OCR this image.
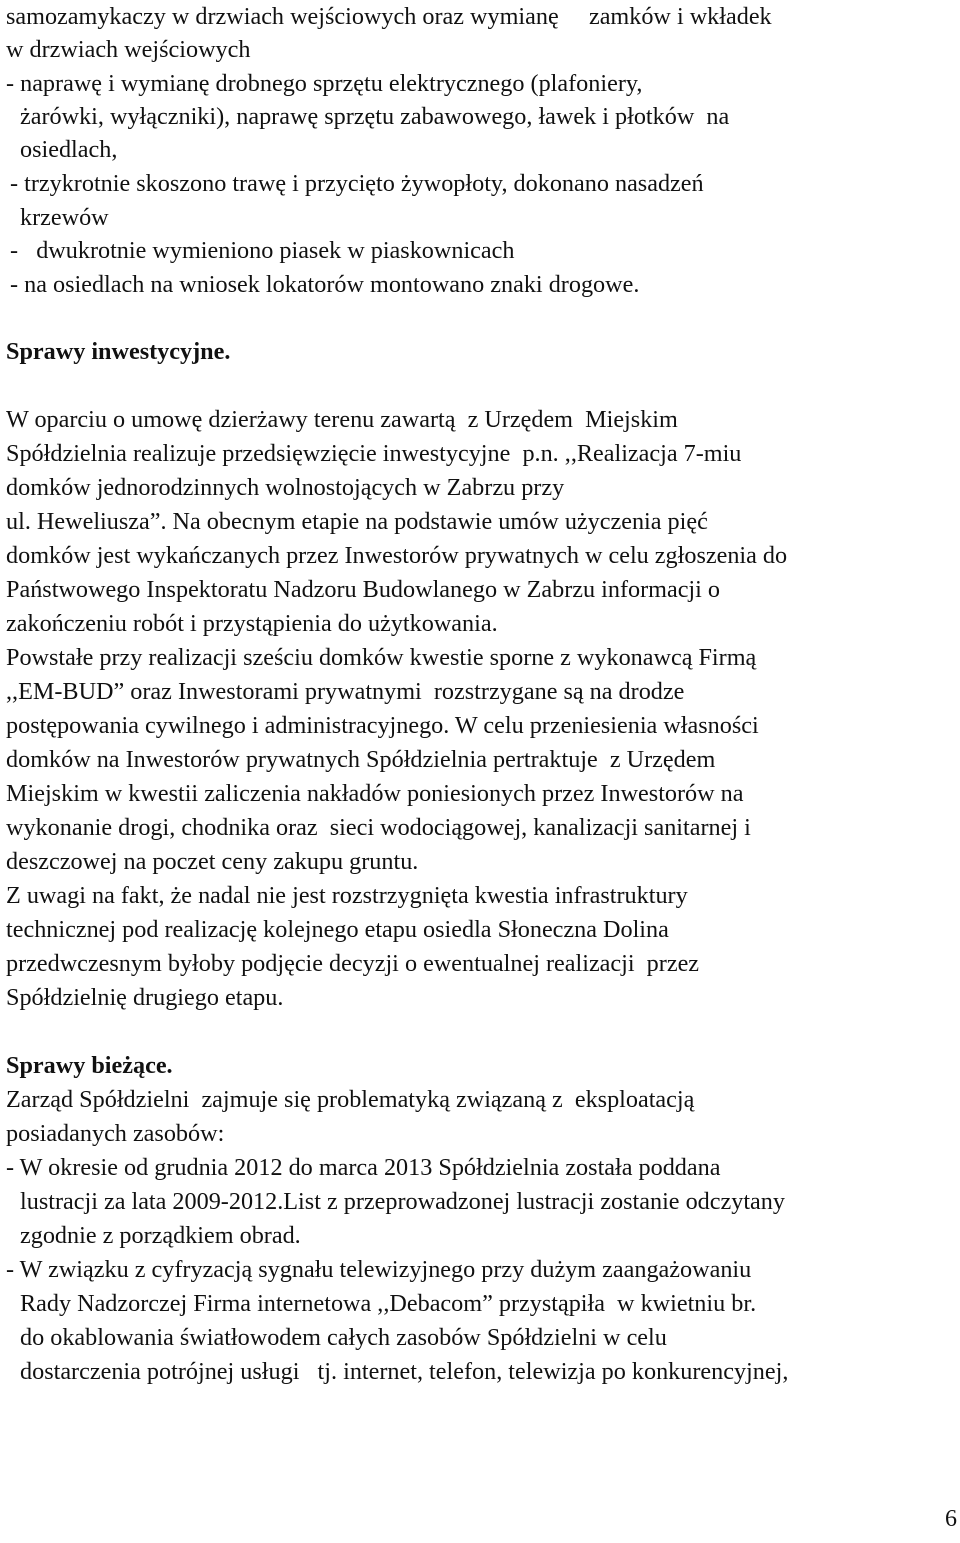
samozamykaczy w drzwiach wejściowych oraz wymianę     zamków i wkładek
w drzwiach wejściowych
- naprawę i wymianę drobnego sprzętu elektrycznego (plafoniery,
żarówki, wyłączniki), naprawę sprzętu zabawowego, ławek i płotków  na
osiedlach,
- trzykrotnie skoszono trawę i przycięto żywopłoty, dokonano nasadzeń
krzewów
-   dwukrotnie wymieniono piasek w piaskownicach
- na osiedlach na wniosek lokatorów montowano znaki drogowe.
Sprawy inwestycyjne.
W oparciu o umowę dzierżawy terenu zawartą  z Urzędem  Miejskim
Spółdzielnia realizuje przedsięwzięcie inwestycyjne  p.n. ,,Realizacja 7-miu
domków jednorodzinnych wolnostojących w Zabrzu przy
ul. Heweliusza”. Na obecnym etapie na podstawie umów użyczenia pięć
domków jest wykańczanych przez Inwestorów prywatnych w celu zgłoszenia do
Państwowego Inspektoratu Nadzoru Budowlanego w Zabrzu informacji o
zakończeniu robót i przystąpienia do użytkowania.
Powstałe przy realizacji sześciu domków kwestie sporne z wykonawcą Firmą
,,EM-BUD” oraz Inwestorami prywatnymi  rozstrzygane są na drodze
postępowania cywilnego i administracyjnego. W celu przeniesienia własności
domków na Inwestorów prywatnych Spółdzielnia pertraktuje  z Urzędem
Miejskim w kwestii zaliczenia nakładów poniesionych przez Inwestorów na
wykonanie drogi, chodnika oraz  sieci wodociągowej, kanalizacji sanitarnej i
deszczowej na poczet ceny zakupu gruntu.
Z uwagi na fakt, że nadal nie jest rozstrzygnięta kwestia infrastruktury
technicznej pod realizację kolejnego etapu osiedla Słoneczna Dolina
przedwczesnym byłoby podjęcie decyzji o ewentualnej realizacji  przez
Spółdzielnię drugiego etapu.
Sprawy bieżące.
Zarząd Spółdzielni  zajmuje się problematyką związaną z  eksploatacją
posiadanych zasobów:
- W okresie od grudnia 2012 do marca 2013 Spółdzielnia została poddana
lustracji za lata 2009-2012.List z przeprowadzonej lustracji zostanie odczytany
zgodnie z porządkiem obrad.
- W związku z cyfryzacją sygnału telewizyjnego przy dużym zaangażowaniu
Rady Nadzorczej Firma internetowa ,,Debacom” przystąpiła  w kwietniu br.
do okablowania światłowodem całych zasobów Spółdzielni w celu
dostarczenia potrójnej usługi   tj. internet, telefon, telewizja po konkurencyjnej,
6
